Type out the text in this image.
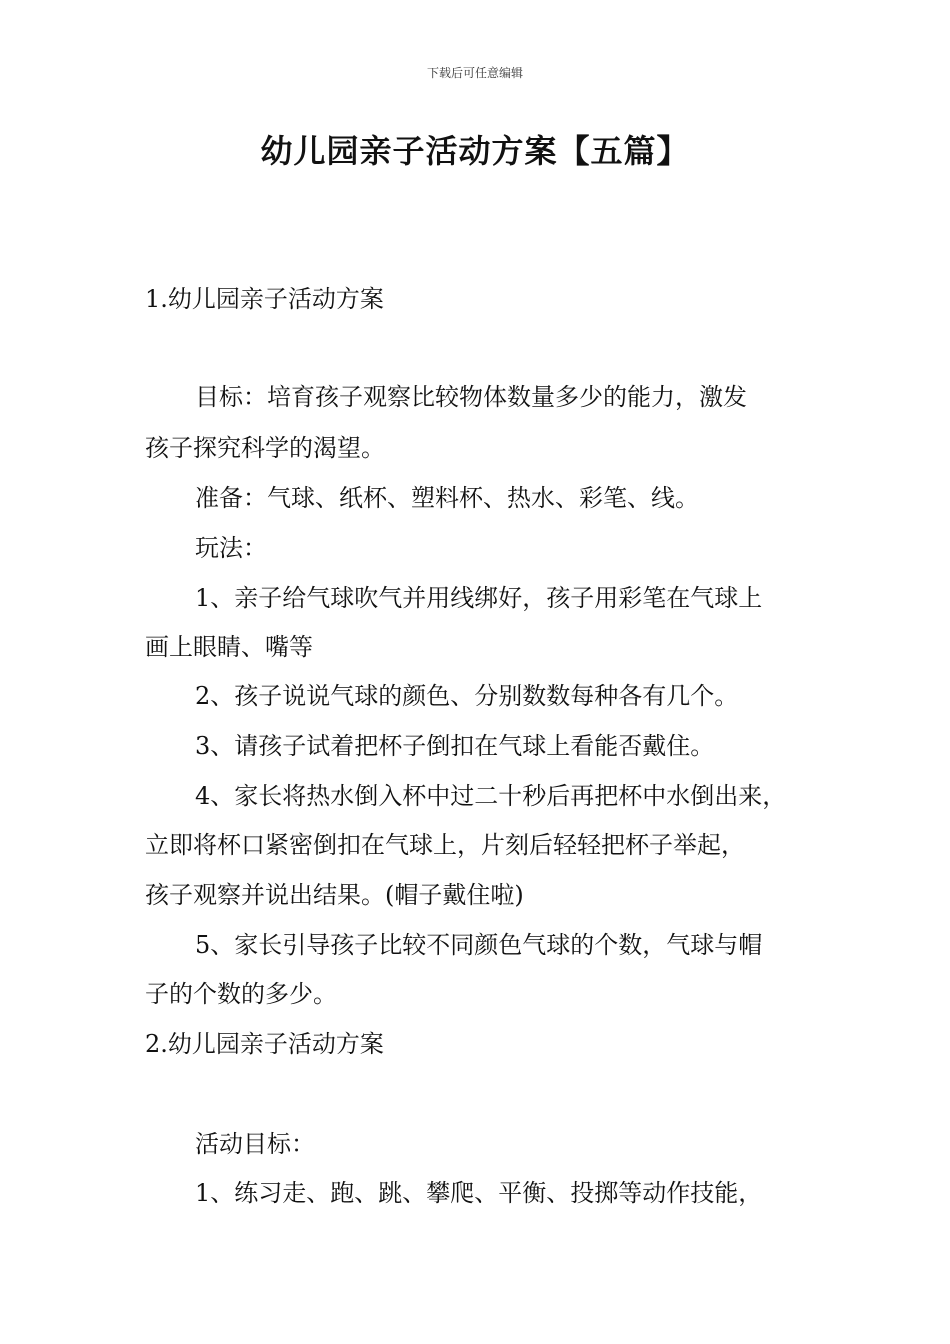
下载后可任意编辑
幼儿园亲子活动方案【五篇】
1.幼儿园亲子活动方案
目标：培育孩子观察比较物体数量多少的能力，激发
孩子探究科学的渴望。
准备：气球、纸杯、塑料杯、热水、彩笔、线。
玩法：
1、亲子给气球吹气并用线绑好，孩子用彩笔在气球上
画上眼睛、嘴等
2、孩子说说气球的颜色、分别数数每种各有几个。
3、请孩子试着把杯子倒扣在气球上看能否戴住。
4、家长将热水倒入杯中过二十秒后再把杯中水倒出来，
立即将杯口紧密倒扣在气球上，片刻后轻轻把杯子举起，
孩子观察并说出结果。(帽子戴住啦)
5、家长引导孩子比较不同颜色气球的个数，气球与帽
子的个数的多少。
2.幼儿园亲子活动方案
活动目标：
1、练习走、跑、跳、攀爬、平衡、投掷等动作技能，
